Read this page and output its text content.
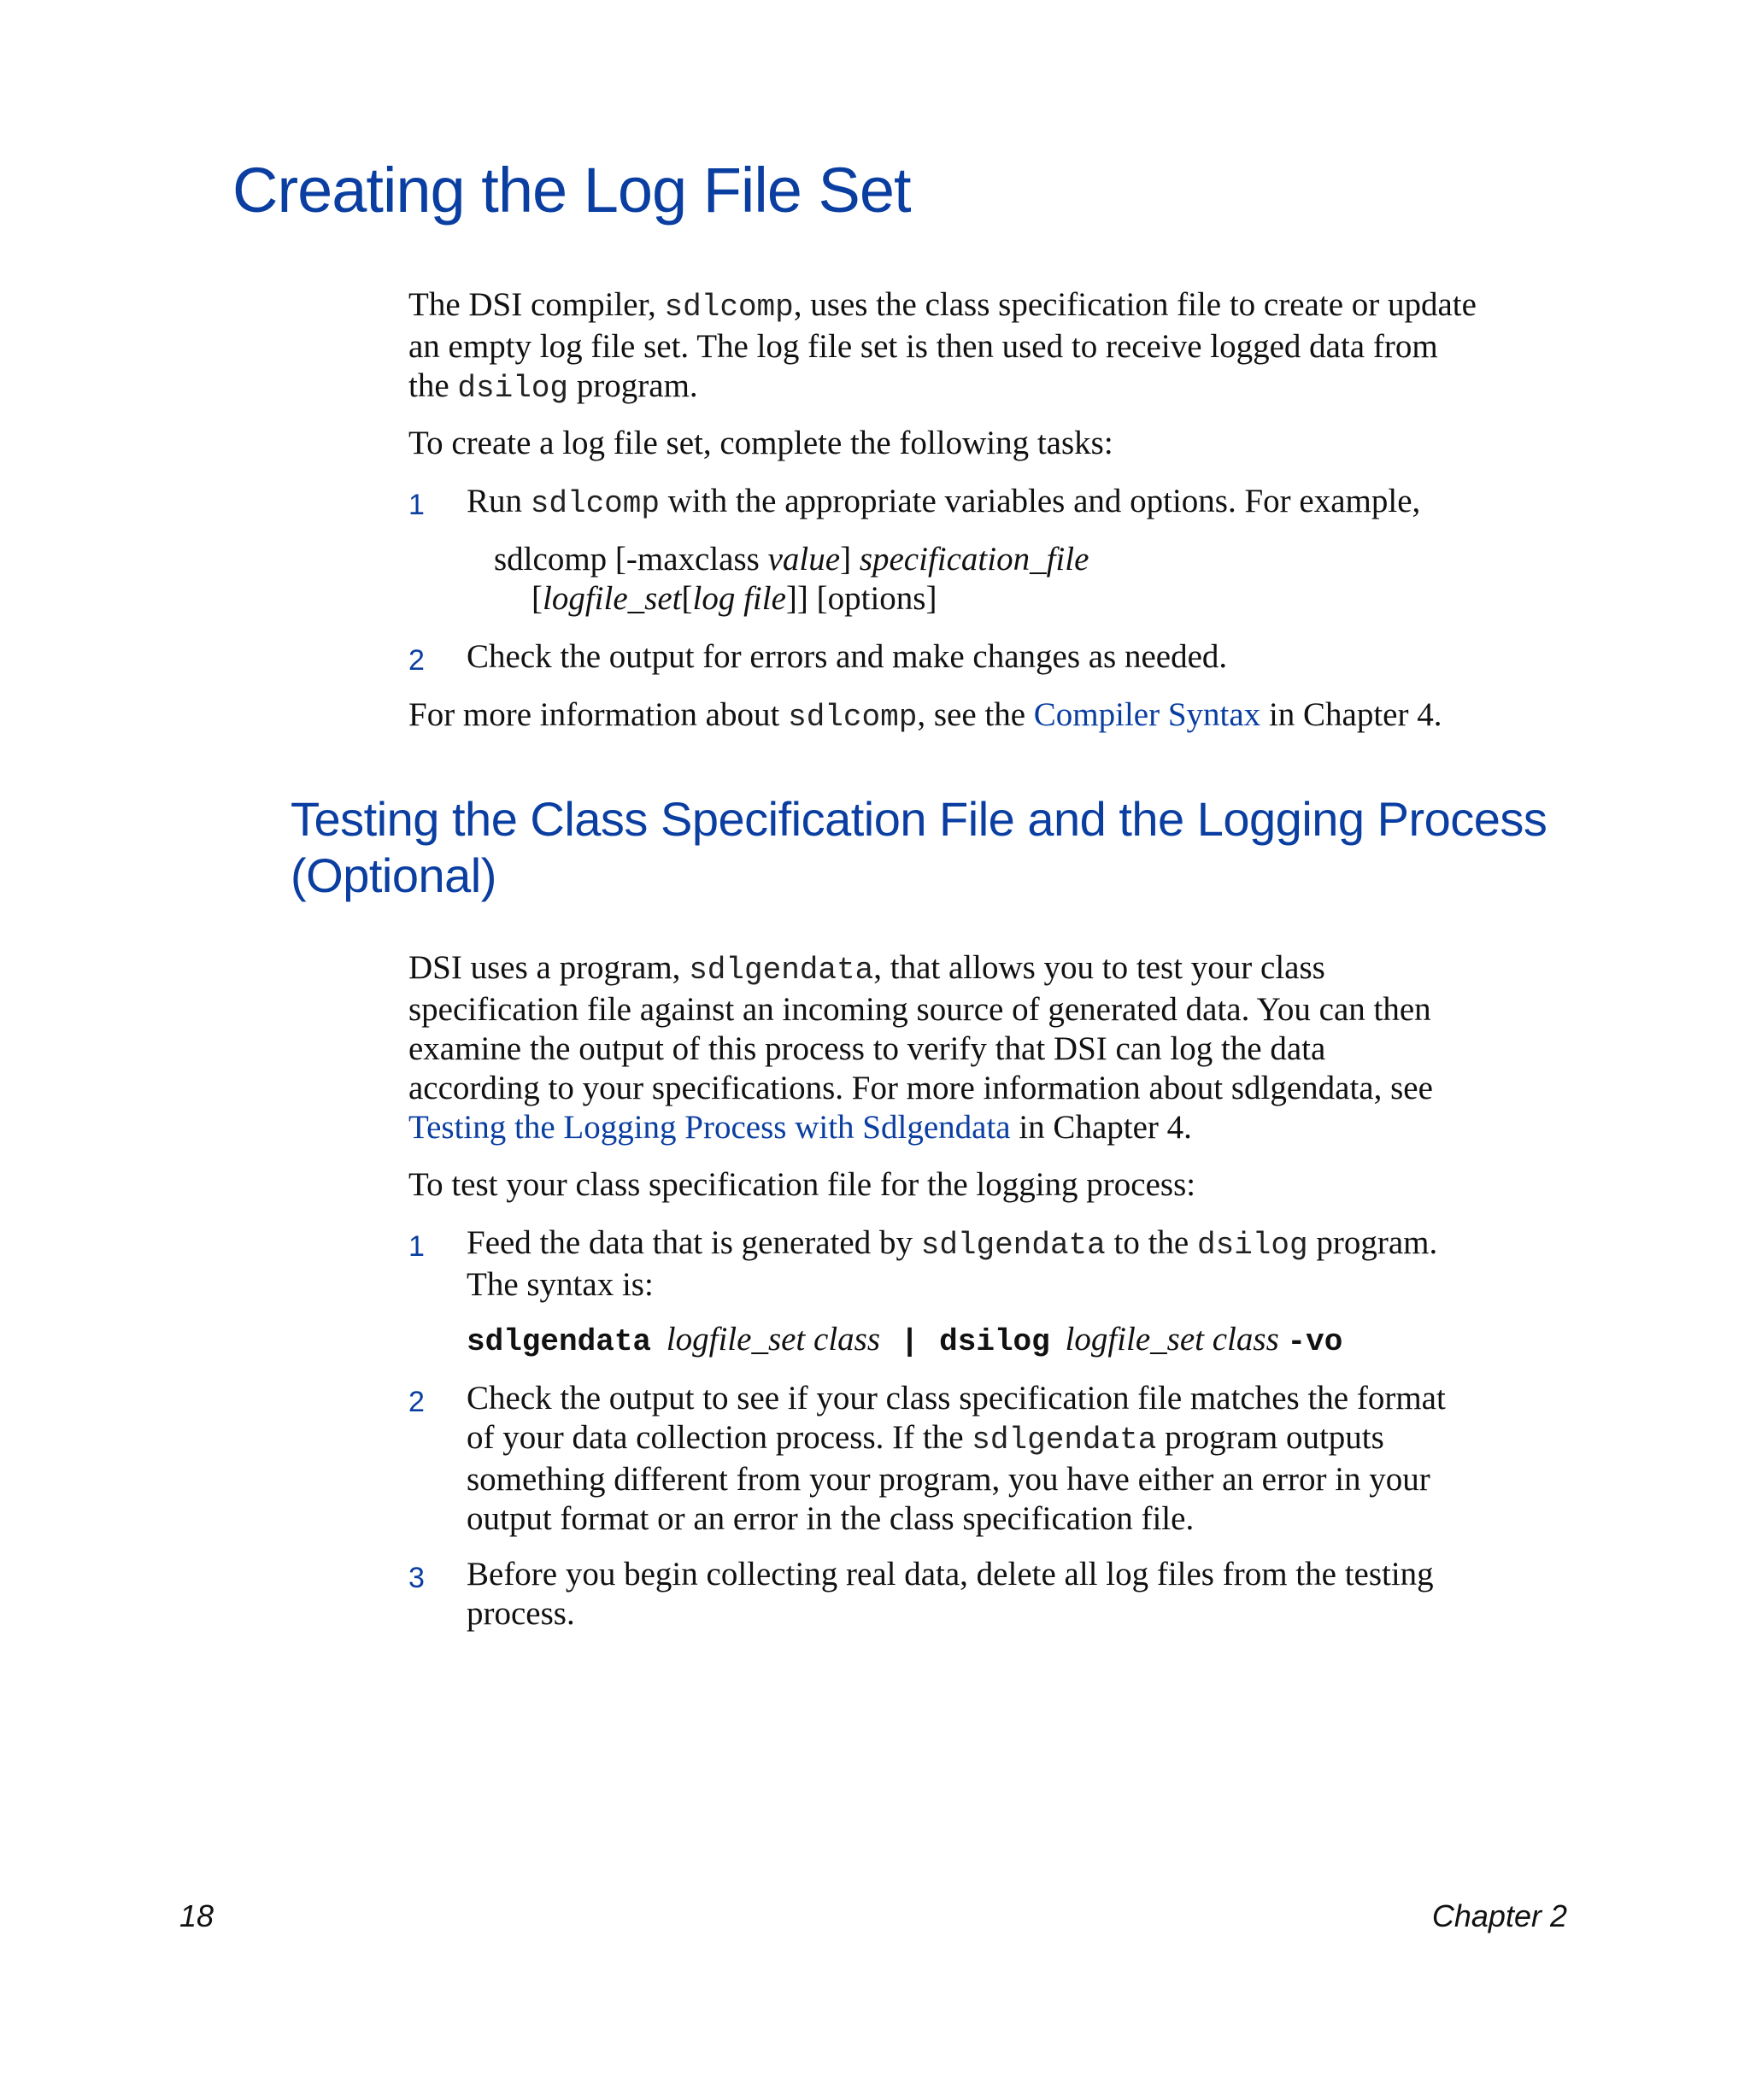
Creating the Log File Set

The DSI compiler, sdlcomp, uses the class specification file to create or update
an empty log file set. The log file set is then used to receive logged data from
the dsilog program.

To create a log file set, complete the following tasks:

1 Run sdlcomp with the appropriate variables and options. For example,
sdlcomp [-maxclass value] specification_file
[logfile_set[log file]] [options]
2 Check the output for errors and make changes as needed.

For more information about sdlcomp, see the Compiler Syntax in Chapter 4.

Testing the Class Specification File and the Logging Process
(Optional)

DSI uses a program, sdlgendata, that allows you to test your class
specification file against an incoming source of generated data. You can then
examine the output of this process to verify that DSI can log the data
according to your specifications. For more information about sdlgendata, see
Testing the Logging Process with Sdlgendata in Chapter 4.

To test your class specification file for the logging process:

1 Feed the data that is generated by sdlgendata to the dsilog program.
The syntax is:
sdlgendata logfile_set class | dsilog logfile_set class -vo
2 Check the output to see if your class specification file matches the format
of your data collection process. If the sdlgendata program outputs
something different from your program, you have either an error in your
output format or an error in the class specification file.
3 Before you begin collecting real data, delete all log files from the testing
process.
18	Chapter 2
